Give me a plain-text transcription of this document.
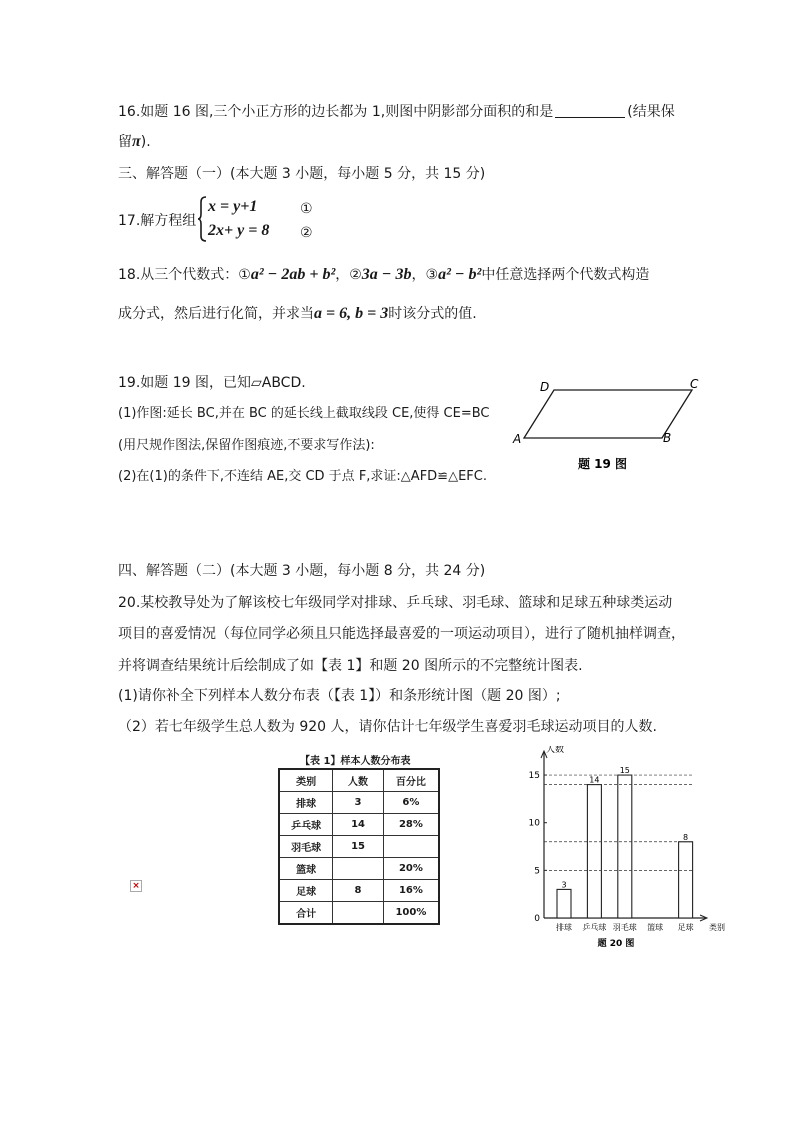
16.如题 16 图,三个小正方形的边长都为 1,则图中阴影部分面积的和是	(结果保
留π).
三、解答题（一）(本大题 3 小题，每小题 5 分，共 15 分)
17.解方程组
x = y+1
2x+ y = 8
①
②
18.从三个代数式：①a² − 2ab + b²，②3a − 3b，③a² − b²中任意选择两个代数式构造
成分式，然后进行化简，并求当a = 6, b = 3时该分式的值.
19.如题 19 图，已知▱ABCD.
(1)作图:延长 BC,并在 BC 的延长线上截取线段 CE,使得 CE=BC
(用尺规作图法,保留作图痕迹,不要求写作法):
(2)在(1)的条件下,不连结 AE,交 CD 于点 F,求证:△AFD≌△EFC.
A	B
C
D
题 19 图
四、解答题（二）(本大题 3 小题，每小题 8 分，共 24 分)
20.某校教导处为了解该校七年级同学对排球、乒乓球、羽毛球、篮球和足球五种球类运动
项目的喜爱情况（每位同学必须且只能选择最喜爱的一项运动项目），进行了随机抽样调查，
并将调查结果统计后绘制成了如【表 1】和题 20 图所示的不完整统计图表.
(1)请你补全下列样本人数分布表（【表 1】）和条形统计图（题 20 图）;
（2）若七年级学生总人数为 920 人，请你估计七年级学生喜爱羽毛球运动项目的人数.
×
【表 1】样本人数分布表
类别	人数	百分比
排球	3	6%
乒乓球	14	28%
羽毛球	15	
篮球		20%
足球	8	16%
合计		100%
人数
类别
0
5
10
15
3
排球
14
乒乓球
15
羽毛球 篮球
8
足球
题 20 图
